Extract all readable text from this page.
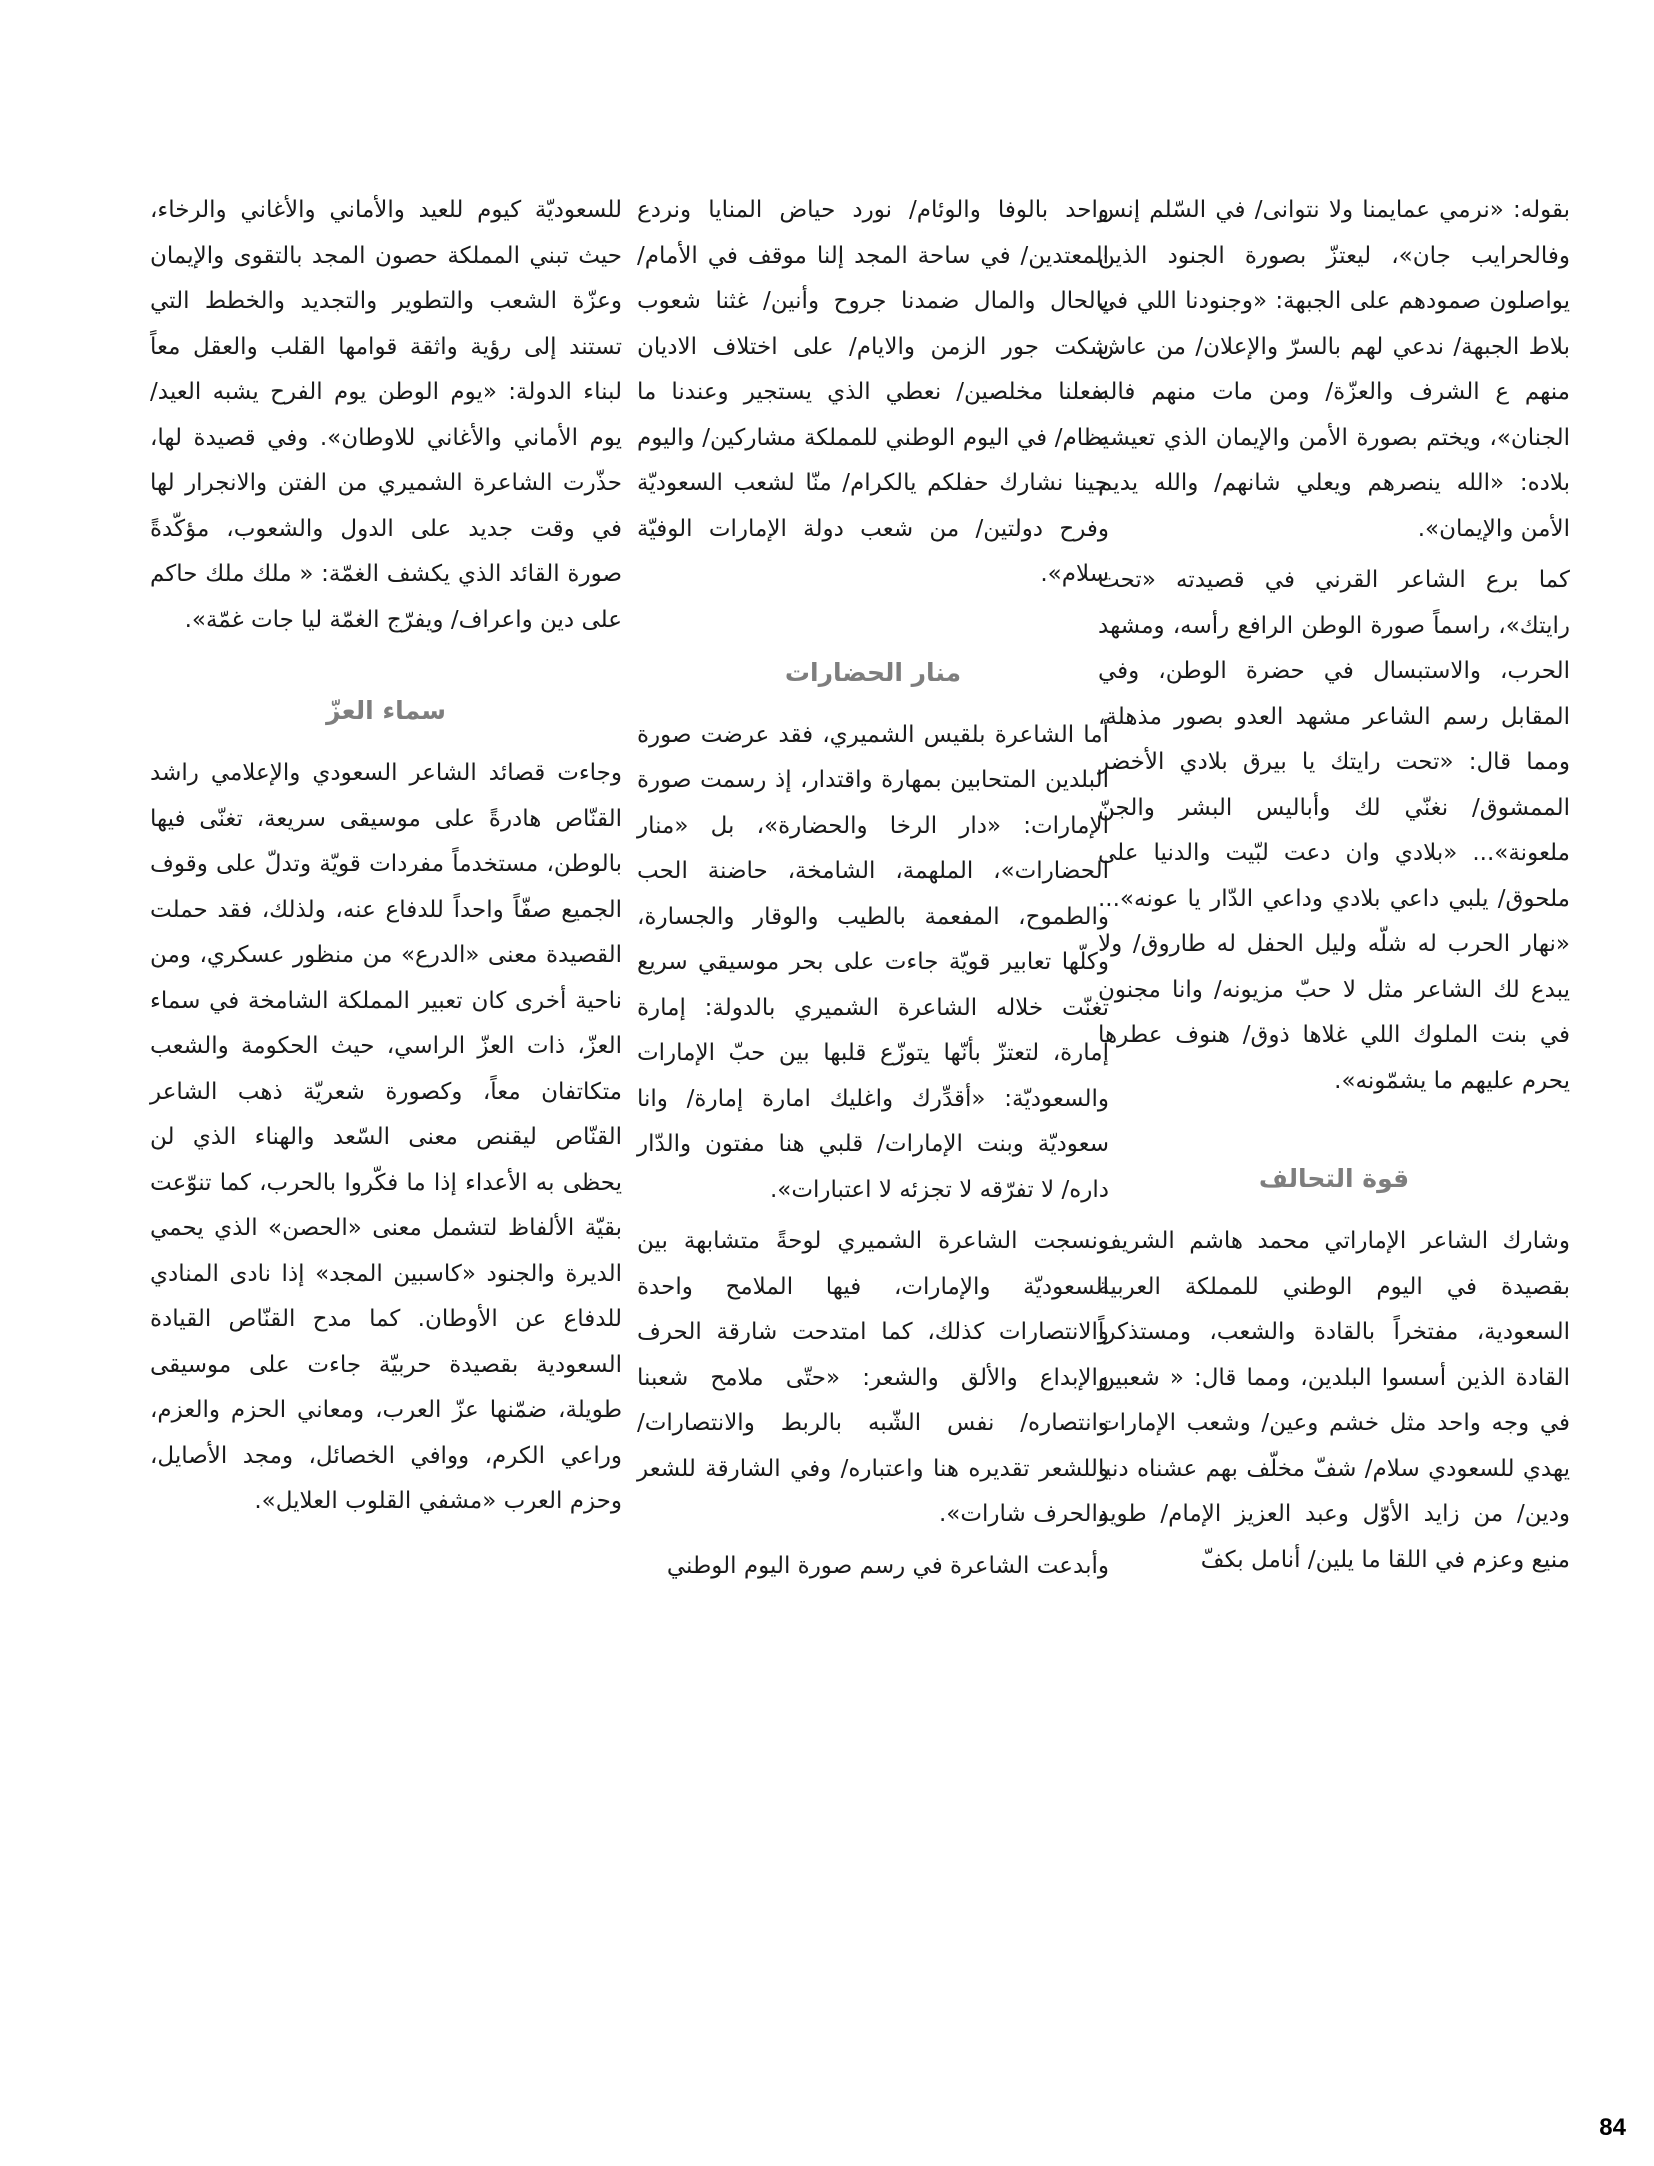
بقوله: «نرمي عمايمنا ولا نتوانى/ في السّلم إنس وفالحرايب جان»، ليعتزّ بصورة الجنود الذين يواصلون صمودهم على الجبهة: «وجنودنا اللي في بلاط الجبهة/ ندعي لهم بالسرّ والإعلان/ من عاش منهم ع الشرف والعزّة/ ومن مات منهم فاله الجنان»، ويختم بصورة الأمن والإيمان الذي تعيشه بلاده: «الله ينصرهم ويعلي شانهم/ والله يديم الأمن والإيمان».

كما برع الشاعر القرني في قصيدته «تحت رايتك»، راسماً صورة الوطن الرافع رأسه، ومشهد الحرب، والاستبسال في حضرة الوطن، وفي المقابل رسم الشاعر مشهد العدو بصور مذهلة، ومما قال: «تحت رايتك يا بيرق بلادي الأخضر الممشوق/ نغنّي لك وأباليس البشر والجنّ ملعونة»... «بلادي وان دعت لبّيت والدنيا على ملحوق/ يلبي داعي بلادي وداعي الدّار يا عونه»... «نهار الحرب له شلّه وليل الحفل له طاروق/ ولا يبدع لك الشاعر مثل لا حبّ مزيونه/ وانا مجنون في بنت الملوك اللي غلاها ذوق/ هنوف عطرها يحرم عليهم ما يشمّونه».

قوة التحالف

وشارك الشاعر الإماراتي محمد هاشم الشريف بقصيدة في اليوم الوطني للمملكة العربية السعودية، مفتخراً بالقادة والشعب، ومستذكراً القادة الذين أسسوا البلدين، ومما قال: « شعبين في وجه واحد مثل خشم وعين/ وشعب الإمارات يهدي للسعودي سلام/ شفّ مخلّف بهم عشناه دنيا ودين/ من زايد الأوّل وعبد العزيز الإمام/ طويد منيع وعزم في اللقا ما يلين/ أنامل بكفّ

واحد بالوفا والوئام/ نورد حياض المنايا ونردع المعتدين/ في ساحة المجد إلنا موقف في الأمام/ بالحال والمال ضمدنا جروح وأنين/ غثنا شعوب شكت جور الزمن والايام/ على اختلاف الاديان بفعلنا مخلصين/ نعطي الذي يستجير وعندنا ما يظام/ في اليوم الوطني للمملكة مشاركين/ واليوم جينا نشارك حفلكم يالكرام/ منّا لشعب السعوديّة وفرح دولتين/ من شعب دولة الإمارات الوفيّة سلام».

منار الحضارات

أما الشاعرة بلقيس الشميري، فقد عرضت صورة البلدين المتحابين بمهارة واقتدار، إذ رسمت صورة الإمارات: «دار الرخا والحضارة»، بل «منار الحضارات»، الملهمة، الشامخة، حاضنة الحب والطموح، المفعمة بالطيب والوقار والجسارة، وكلّها تعابير قويّة جاءت على بحر موسيقي سريع تغنّت خلاله الشاعرة الشميري بالدولة: إمارة إمارة، لتعتزّ بأنّها يتوزّع قلبها بين حبّ الإمارات والسعوديّة: «أقدِّرك واغليك امارة إمارة/ وانا سعوديّة وبنت الإمارات/ قلبي هنا مفتون والدّار داره/ لا تفرّقه لا تجزئه لا اعتبارات».

ونسجت الشاعرة الشميري لوحةً متشابهة بين السعوديّة والإمارات، فيها الملامح واحدة والانتصارات كذلك، كما امتدحت شارقة الحرف والإبداع والألق والشعر: «حتّى ملامح شعبنا وانتصاره/ نفس الشّبه بالربط والانتصارات/ وللشعر تقديره هنا واعتباره/ وفي الشارقة للشعر والحرف شارات».

وأبدعت الشاعرة في رسم صورة اليوم الوطني

للسعوديّة كيوم للعيد والأماني والأغاني والرخاء، حيث تبني المملكة حصون المجد بالتقوى والإيمان وعزّة الشعب والتطوير والتجديد والخطط التي تستند إلى رؤية واثقة قوامها القلب والعقل معاً لبناء الدولة: «يوم الوطن يوم الفرح يشبه العيد/ يوم الأماني والأغاني للاوطان». وفي قصيدة لها، حذّرت الشاعرة الشميري من الفتن والانجرار لها في وقت جديد على الدول والشعوب، مؤكّدةً صورة القائد الذي يكشف الغمّة: « ملك ملك حاكم على دين واعراف/ ويفرّج الغمّة ليا جات غمّة».

سماء العزّ

وجاءت قصائد الشاعر السعودي والإعلامي راشد القنّاص هادرةً على موسيقى سريعة، تغنّى فيها بالوطن، مستخدماً مفردات قويّة وتدلّ على وقوف الجميع صفّاً واحداً للدفاع عنه، ولذلك، فقد حملت القصيدة معنى «الدرع» من منظور عسكري، ومن ناحية أخرى كان تعبير المملكة الشامخة في سماء العزّ، ذات العزّ الراسي، حيث الحكومة والشعب متكاتفان معاً، وكصورة شعريّة ذهب الشاعر القنّاص ليقنص معنى السّعد والهناء الذي لن يحظى به الأعداء إذا ما فكّروا بالحرب، كما تنوّعت بقيّة الألفاظ لتشمل معنى «الحصن» الذي يحمي الديرة والجنود «كاسبين المجد» إذا نادى المنادي للدفاع عن الأوطان. كما مدح القنّاص القيادة السعودية بقصيدة حربيّة جاءت على موسيقى طويلة، ضمّنها عزّ العرب، ومعاني الحزم والعزم، وراعي الكرم، ووافي الخصائل، ومجد الأصايل، وحزم العرب «مشفي القلوب العلايل».

84
